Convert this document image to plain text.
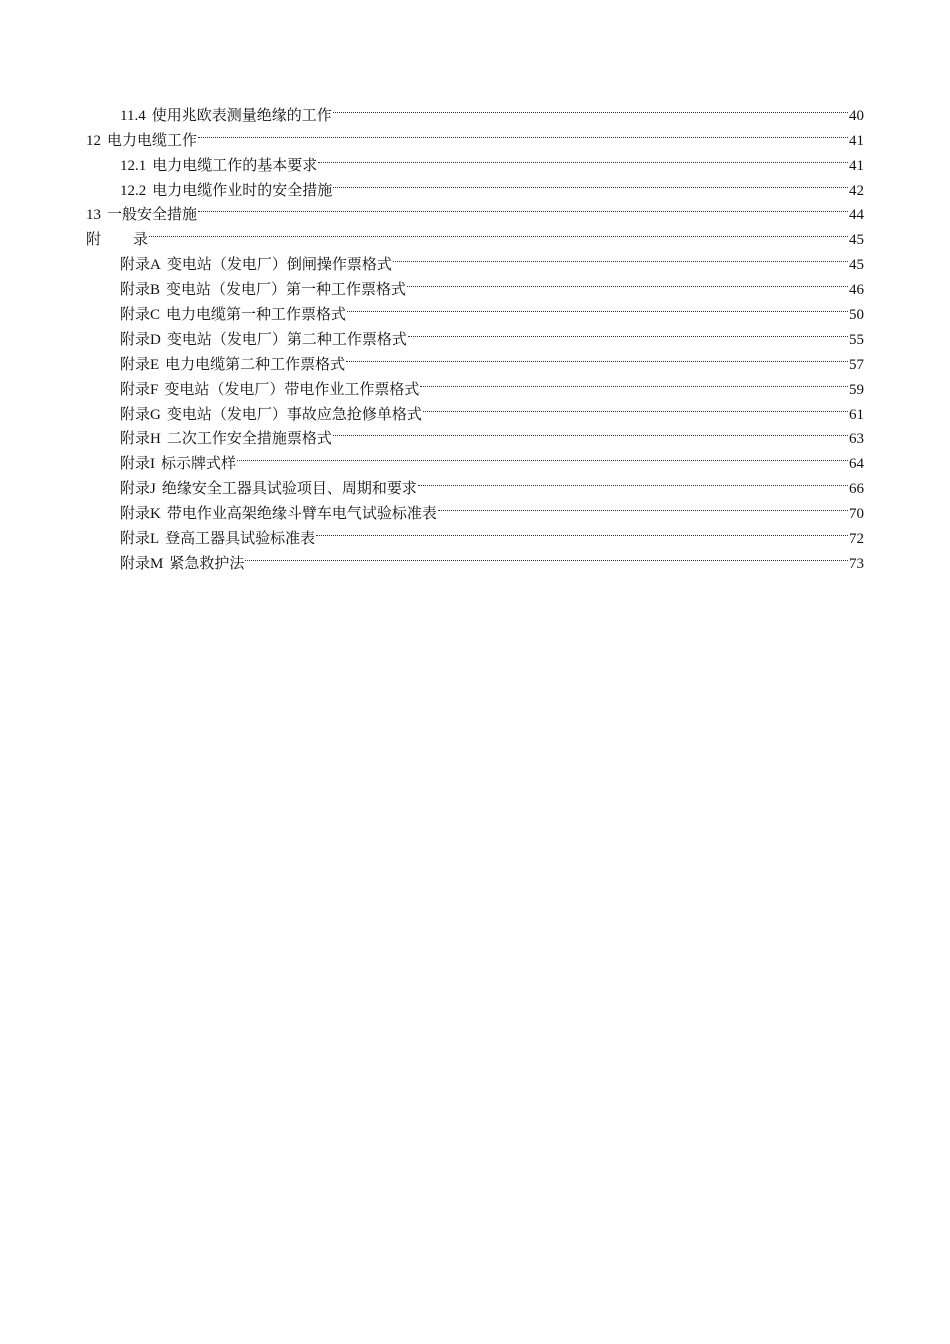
11.4 使用兆欧表测量绝缘的工作	40
12 电力电缆工作	41
12.1 电力电缆工作的基本要求	41
12.2 电力电缆作业时的安全措施	42
13 一般安全措施	44
附 录	45
附录A 变电站（发电厂）倒闸操作票格式	45
附录B 变电站（发电厂）第一种工作票格式	46
附录C 电力电缆第一种工作票格式	50
附录D 变电站（发电厂）第二种工作票格式	55
附录E 电力电缆第二种工作票格式	57
附录F 变电站（发电厂）带电作业工作票格式	59
附录G 变电站（发电厂）事故应急抢修单格式	61
附录H 二次工作安全措施票格式	63
附录I 标示牌式样	64
附录J 绝缘安全工器具试验项目、周期和要求	66
附录K 带电作业高架绝缘斗臂车电气试验标准表	70
附录L 登高工器具试验标准表	72
附录M 紧急救护法	73
